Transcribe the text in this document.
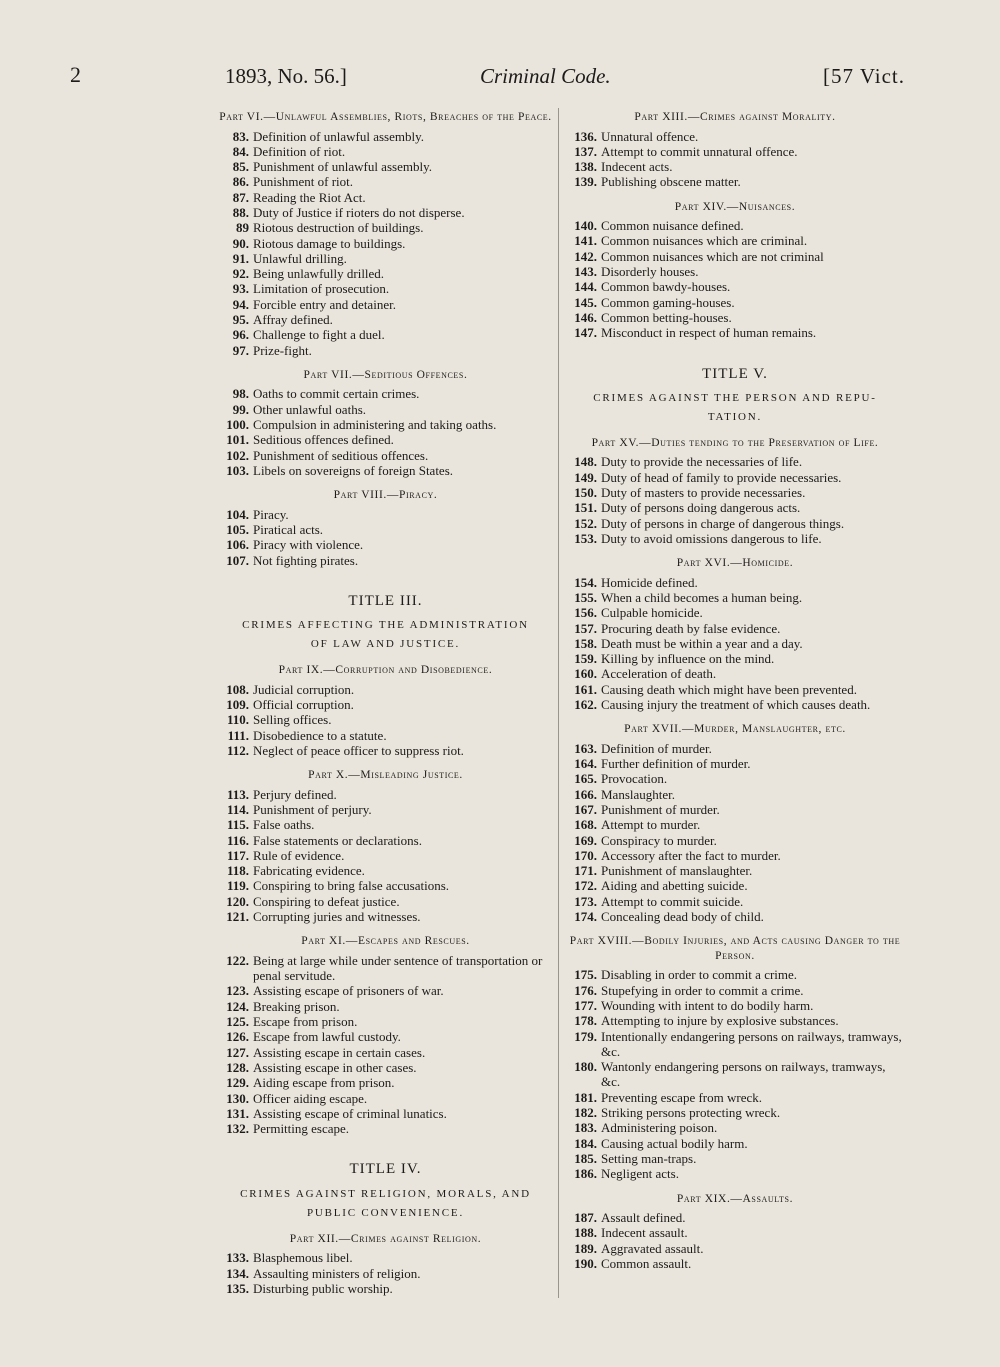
2	1893, No. 56.]	Criminal Code.	[57 Vict.
Part VI.—Unlawful Assemblies, Riots, Breaches of the Peace.
83. Definition of unlawful assembly.
84. Definition of riot.
85. Punishment of unlawful assembly.
86. Punishment of riot.
87. Reading the Riot Act.
88. Duty of Justice if rioters do not disperse.
89 Riotous destruction of buildings.
90. Riotous damage to buildings.
91. Unlawful drilling.
92. Being unlawfully drilled.
93. Limitation of prosecution.
94. Forcible entry and detainer.
95. Affray defined.
96. Challenge to fight a duel.
97. Prize-fight.
Part VII.—Seditious Offences.
98. Oaths to commit certain crimes.
99. Other unlawful oaths.
100. Compulsion in administering and taking oaths.
101. Seditious offences defined.
102. Punishment of seditious offences.
103. Libels on sovereigns of foreign States.
Part VIII.—Piracy.
104. Piracy.
105. Piratical acts.
106. Piracy with violence.
107. Not fighting pirates.
TITLE III.
CRIMES AFFECTING THE ADMINISTRATION
OF LAW AND JUSTICE.
Part IX.—Corruption and Disobedience.
108. Judicial corruption.
109. Official corruption.
110. Selling offices.
111. Disobedience to a statute.
112. Neglect of peace officer to suppress riot.
Part X.—Misleading Justice.
113. Perjury defined.
114. Punishment of perjury.
115. False oaths.
116. False statements or declarations.
117. Rule of evidence.
118. Fabricating evidence.
119. Conspiring to bring false accusations.
120. Conspiring to defeat justice.
121. Corrupting juries and witnesses.
Part XI.—Escapes and Rescues.
122. Being at large while under sentence of transportation or penal servitude.
123. Assisting escape of prisoners of war.
124. Breaking prison.
125. Escape from prison.
126. Escape from lawful custody.
127. Assisting escape in certain cases.
128. Assisting escape in other cases.
129. Aiding escape from prison.
130. Officer aiding escape.
131. Assisting escape of criminal lunatics.
132. Permitting escape.
TITLE IV.
CRIMES AGAINST RELIGION, MORALS, AND
PUBLIC CONVENIENCE.
Part XII.—Crimes against Religion.
133. Blasphemous libel.
134. Assaulting ministers of religion.
135. Disturbing public worship.
Part XIII.—Crimes against Morality.
136. Unnatural offence.
137. Attempt to commit unnatural offence.
138. Indecent acts.
139. Publishing obscene matter.
Part XIV.—Nuisances.
140. Common nuisance defined.
141. Common nuisances which are criminal.
142. Common nuisances which are not criminal
143. Disorderly houses.
144. Common bawdy-houses.
145. Common gaming-houses.
146. Common betting-houses.
147. Misconduct in respect of human remains.
TITLE V.
CRIMES AGAINST THE PERSON AND REPU-
TATION.
Part XV.—Duties tending to the Preservation of Life.
148. Duty to provide the necessaries of life.
149. Duty of head of family to provide necessaries.
150. Duty of masters to provide necessaries.
151. Duty of persons doing dangerous acts.
152. Duty of persons in charge of dangerous things.
153. Duty to avoid omissions dangerous to life.
Part XVI.—Homicide.
154. Homicide defined.
155. When a child becomes a human being.
156. Culpable homicide.
157. Procuring death by false evidence.
158. Death must be within a year and a day.
159. Killing by influence on the mind.
160. Acceleration of death.
161. Causing death which might have been prevented.
162. Causing injury the treatment of which causes death.
Part XVII.—Murder, Manslaughter, etc.
163. Definition of murder.
164. Further definition of murder.
165. Provocation.
166. Manslaughter.
167. Punishment of murder.
168. Attempt to murder.
169. Conspiracy to murder.
170. Accessory after the fact to murder.
171. Punishment of manslaughter.
172. Aiding and abetting suicide.
173. Attempt to commit suicide.
174. Concealing dead body of child.
Part XVIII.—Bodily Injuries, and Acts causing Danger to the Person.
175. Disabling in order to commit a crime.
176. Stupefying in order to commit a crime.
177. Wounding with intent to do bodily harm.
178. Attempting to injure by explosive substances.
179. Intentionally endangering persons on railways, tramways, &c.
180. Wantonly endangering persons on railways, tramways, &c.
181. Preventing escape from wreck.
182. Striking persons protecting wreck.
183. Administering poison.
184. Causing actual bodily harm.
185. Setting man-traps.
186. Negligent acts.
Part XIX.—Assaults.
187. Assault defined.
188. Indecent assault.
189. Aggravated assault.
190. Common assault.
